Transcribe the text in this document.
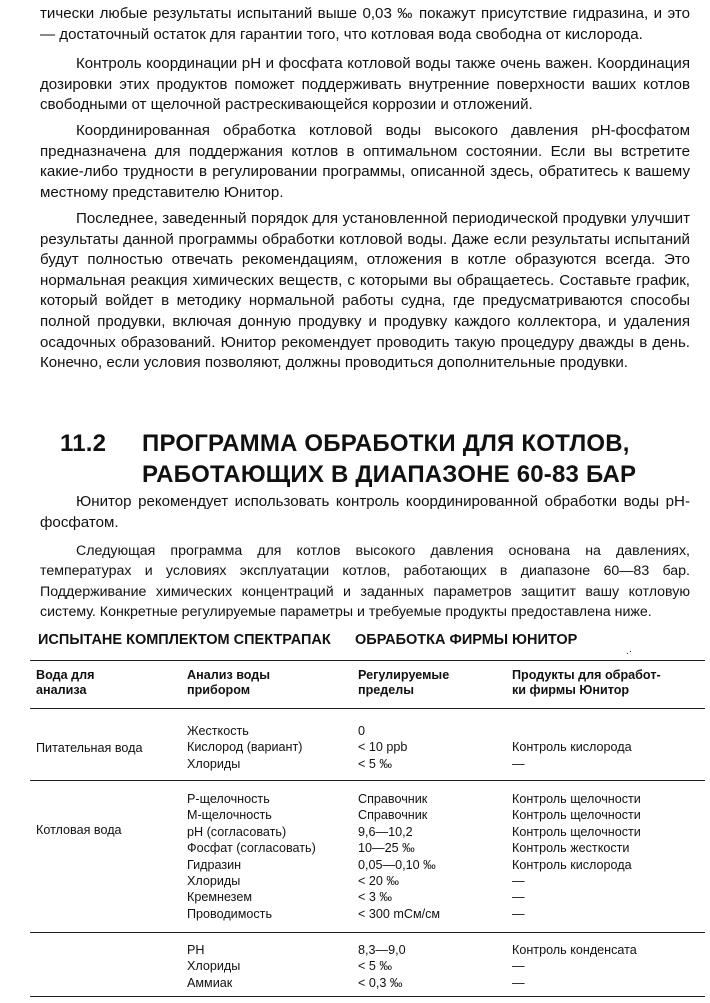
тически любые результаты испытаний выше 0,03 ‰ покажут присутствие гидразина, и это — достаточный остаток для гарантии того, что котловая вода свободна от кислорода.

Контроль координации pH и фосфата котловой воды также очень важен. Координация дозировки этих продуктов поможет поддерживать внутренние поверхности ваших котлов свободными от щелочной растрескивающейся коррозии и отложений.

Координированная обработка котловой воды высокого давления pH-фосфатом предназначена для поддержания котлов в оптимальном состоянии. Если вы встретите какие-либо трудности в регулировании программы, описанной здесь, обратитесь к вашему местному представителю Юнитор.

Последнее, заведенный порядок для установленной периодической продувки улучшит результаты данной программы обработки котловой воды. Даже если результаты испытаний будут полностью отвечать рекомендациям, отложения в котле образуются всегда. Это нормальная реакция химических веществ, с которыми вы обращаетесь. Составьте график, который войдет в методику нормальной работы судна, где предусматриваются способы полной продувки, включая донную продувку и продувку каждого коллектора, и удаления осадочных образований. Юнитор рекомендует проводить такую процедуру дважды в день. Конечно, если условия позволяют, должны проводиться дополнительные продувки.

11.2	ПРОГРАММА ОБРАБОТКИ ДЛЯ КОТЛОВ,
РАБОТАЮЩИХ В ДИАПАЗОНЕ 60-83 БАР

Юнитор рекомендует использовать контроль координированной обработки воды pH-фосфатом.

Следующая программа для котлов высокого давления основана на давлениях, температурах и условиях эксплуатации котлов, работающих в диапазоне 60—83 бар. Поддерживание химических концентраций и заданных параметров защитит вашу котловую систему. Конкретные регулируемые параметры и требуемые продукты предоставлена ниже.

ИСПЫТАНЕ КОМПЛЕКТОМ СПЕКТРАПАК ОБРАБОТКА ФИРМЫ ЮНИТОР
.·
Вода для
анализа
Анализ воды
прибором
Регулируемые
пределы
Продукты для обработ-
ки фирмы Юнитор
Питательная вода
Жесткость
Кислород (вариант)
Хлориды
0
< 10 ppb
< 5 ‰
Контроль кислорода
—
Котловая вода
Р-щелочность
М-щелочность
pH (согласовать)
Фосфат (согласовать)
Гидразин
Хлориды
Кремнезем
Проводимость
Справочник
Справочник
9,6—10,2
10—25 ‰
0,05—0,10 ‰
< 20 ‰
< 3 ‰
< 300 mСм/см
Контроль щелочности
Контроль щелочности
Контроль щелочности
Контроль жесткости
Контроль кислорода
—
—
—
PH
Хлориды
Аммиак
8,3—9,0
< 5 ‰
< 0,3 ‰
Контроль конденсата
—
—
